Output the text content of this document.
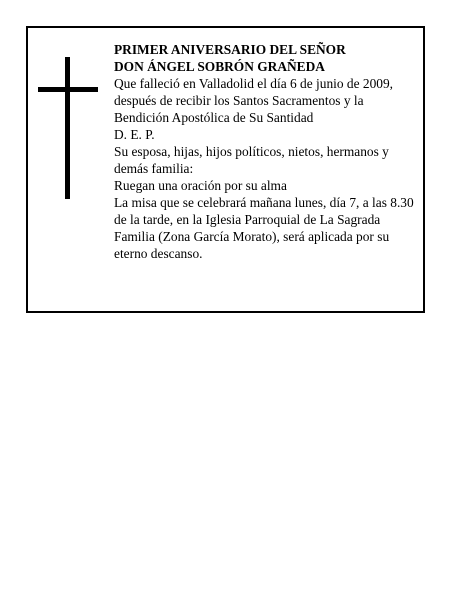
PRIMER ANIVERSARIO DEL SEÑOR
DON ÁNGEL SOBRÓN GRAÑEDA
Que falleció en Valladolid el día 6 de junio de 2009,
después de recibir los Santos Sacramentos y la
Bendición Apostólica de Su Santidad
D. E. P.
Su esposa, hijas, hijos políticos, nietos, hermanos y
demás familia:
Ruegan una oración por su alma
La misa que se celebrará mañana lunes, día 7, a las 8.30
de la tarde, en la Iglesia Parroquial de La Sagrada
Familia (Zona García Morato), será aplicada por su
eterno descanso.
